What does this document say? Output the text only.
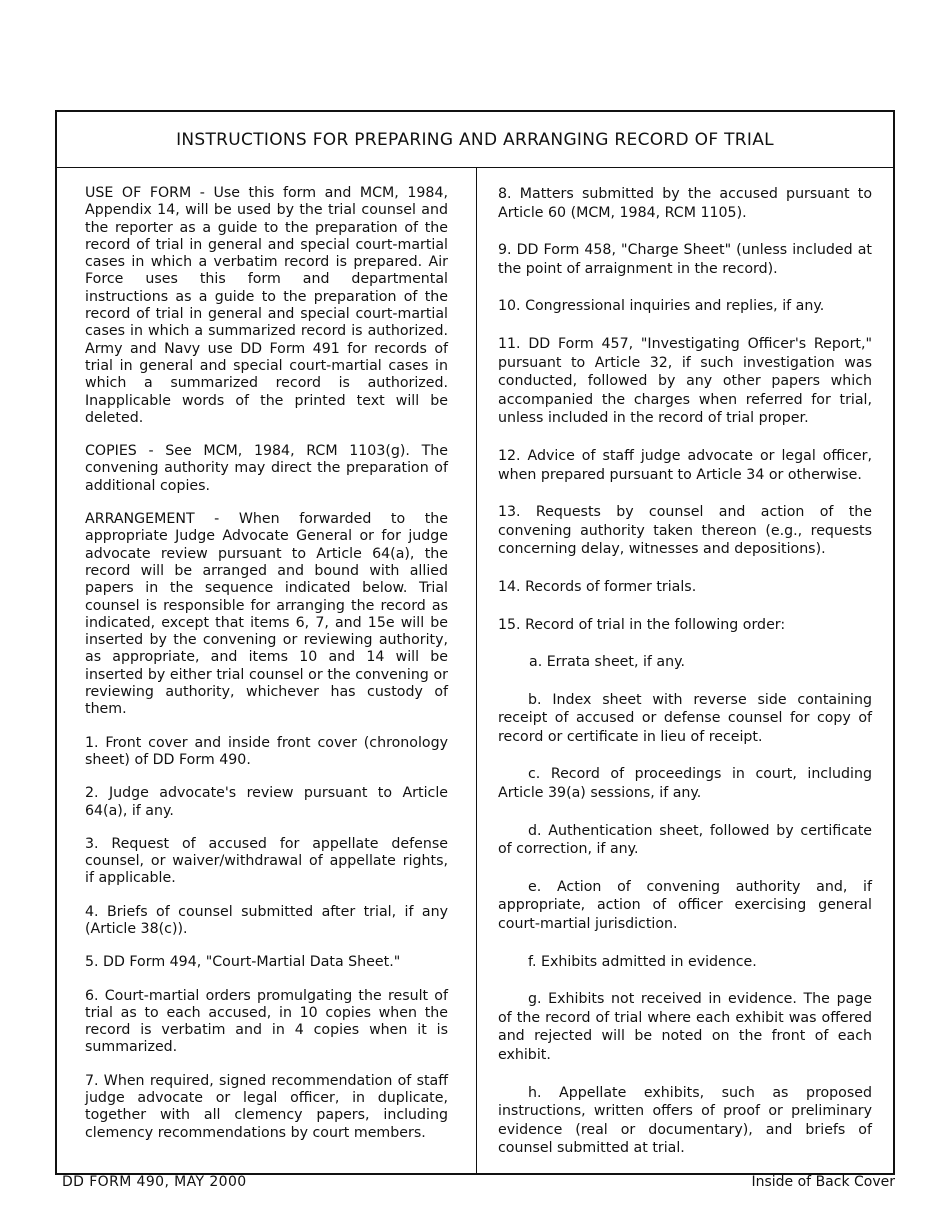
INSTRUCTIONS FOR PREPARING AND ARRANGING RECORD OF TRIAL

USE OF FORM - Use this form and MCM, 1984, Appendix 14, will be used by the trial counsel and the reporter as a guide to the preparation of the record of trial in general and special court-martial cases in which a verbatim record is prepared. Air Force uses this form and departmental instructions as a guide to the preparation of the record of trial in general and special court-martial cases in which a summarized record is authorized. Army and Navy use DD Form 491 for records of trial in general and special court-martial cases in which a summarized record is authorized. Inapplicable words of the printed text will be deleted.

COPIES - See MCM, 1984, RCM 1103(g). The convening authority may direct the preparation of additional copies.

ARRANGEMENT - When forwarded to the appropriate Judge Advocate General or for judge advocate review pursuant to Article 64(a), the record will be arranged and bound with allied papers in the sequence indicated below. Trial counsel is responsible for arranging the record as indicated, except that items 6, 7, and 15e will be inserted by the convening or reviewing authority, as appropriate, and items 10 and 14 will be inserted by either trial counsel or the convening or reviewing authority, whichever has custody of them.

1. Front cover and inside front cover (chronology sheet) of DD Form 490.

2. Judge advocate's review pursuant to Article 64(a), if any.

3. Request of accused for appellate defense counsel, or waiver/withdrawal of appellate rights, if applicable.

4. Briefs of counsel submitted after trial, if any (Article 38(c)).

5. DD Form 494, "Court-Martial Data Sheet."

6. Court-martial orders promulgating the result of trial as to each accused, in 10 copies when the record is verbatim and in 4 copies when it is summarized.

7. When required, signed recommendation of staff judge advocate or legal officer, in duplicate, together with all clemency papers, including clemency recommendations by court members.

8. Matters submitted by the accused pursuant to Article 60 (MCM, 1984, RCM 1105).

9. DD Form 458, "Charge Sheet" (unless included at the point of arraignment in the record).

10. Congressional inquiries and replies, if any.

11. DD Form 457, "Investigating Officer's Report," pursuant to Article 32, if such investigation was conducted, followed by any other papers which accompanied the charges when referred for trial, unless included in the record of trial proper.

12. Advice of staff judge advocate or legal officer, when prepared pursuant to Article 34 or otherwise.

13. Requests by counsel and action of the convening authority taken thereon (e.g., requests concerning delay, witnesses and depositions).

14. Records of former trials.

15. Record of trial in the following order:

a. Errata sheet, if any.

b. Index sheet with reverse side containing receipt of accused or defense counsel for copy of record or certificate in lieu of receipt.

c. Record of proceedings in court, including Article 39(a) sessions, if any.

d. Authentication sheet, followed by certificate of correction, if any.

e. Action of convening authority and, if appropriate, action of officer exercising general court-martial jurisdiction.

f. Exhibits admitted in evidence.

g. Exhibits not received in evidence. The page of the record of trial where each exhibit was offered and rejected will be noted on the front of each exhibit.

h. Appellate exhibits, such as proposed instructions, written offers of proof or preliminary evidence (real or documentary), and briefs of counsel submitted at trial.

DD FORM 490, MAY 2000	Inside of Back Cover
